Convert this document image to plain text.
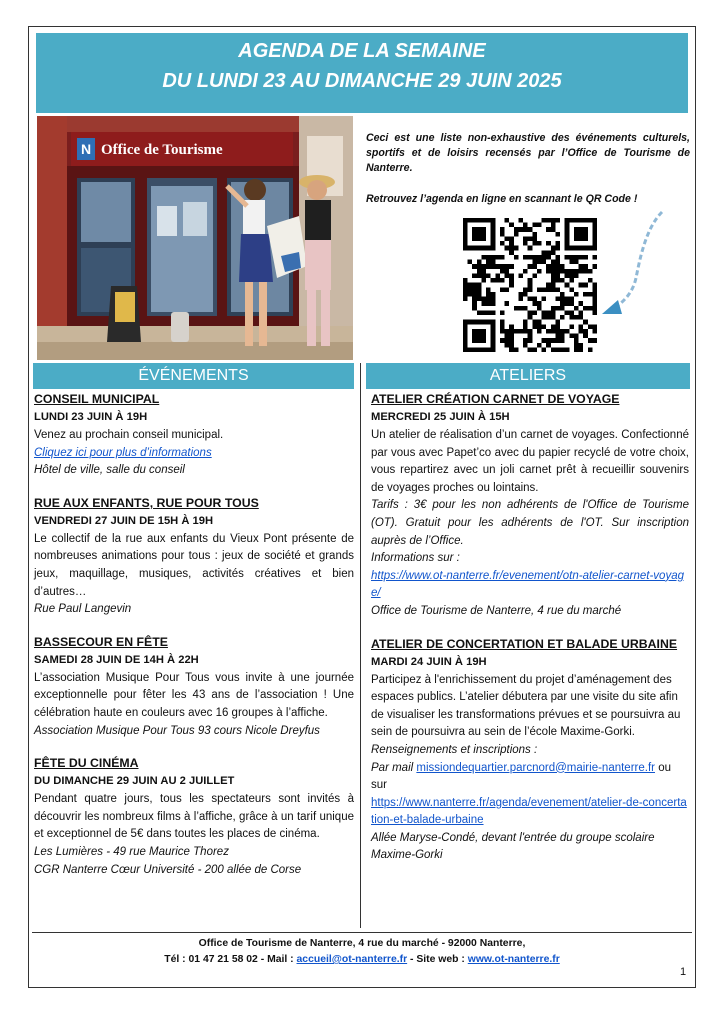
AGENDA DE LA SEMAINE
DU LUNDI 23 AU DIMANCHE 29 JUIN 2025
N Office de Tourisme

Ceci est une liste non-exhaustive des événements culturels, sportifs et de loisirs recensés par l’Office de Tourisme de Nanterre.

Retrouvez l’agenda en ligne en scannant le QR Code !

ÉVÉNEMENTS	ATELIERS
CONSEIL MUNICIPAL
LUNDI 23 JUIN À 19H
Venez au prochain conseil municipal.
Cliquez ici pour plus d’informations
Hôtel de ville, salle du conseil
RUE AUX ENFANTS, RUE POUR TOUS
VENDREDI 27 JUIN DE 15H À 19H
Le collectif de la rue aux enfants du Vieux Pont présente de nombreuses animations pour tous : jeux de société et grands jeux, maquillage, musiques, activités créatives et bien d’autres…
Rue Paul Langevin
BASSECOUR EN FÊTE
SAMEDI 28 JUIN DE 14H À 22H
L’association Musique Pour Tous vous invite à une journée exceptionnelle pour fêter les 43 ans de l’association ! Une célébration haute en couleurs avec 16 groupes à l’affiche.
Association Musique Pour Tous 93 cours Nicole Dreyfus
FÊTE DU CINÉMA
DU DIMANCHE 29 JUIN AU 2 JUILLET
Pendant quatre jours, tous les spectateurs sont invités à découvrir les nombreux films à l’affiche, grâce à un tarif unique et exceptionnel de 5€ dans toutes les places de cinéma.
Les Lumières - 49 rue Maurice Thorez
CGR Nanterre Cœur Université - 200 allée de Corse
ATELIER CRÉATION CARNET DE VOYAGE
MERCREDI 25 JUIN À 15H
Un atelier de réalisation d’un carnet de voyages. Confectionné par vous avec Papet’co avec du papier recyclé de votre choix, vous repartirez avec un joli carnet prêt à recueillir souvenirs de voyages proches ou lointains.
Tarifs : 3€ pour les non adhérents de l'Office de Tourisme (OT). Gratuit pour les adhérents de l'OT. Sur inscription auprès de l’Office.
Informations sur :
https://www.ot-nanterre.fr/evenement/otn-atelier-carnet-voyage/
Office de Tourisme de Nanterre, 4 rue du marché
ATELIER DE CONCERTATION ET BALADE URBAINE
MARDI 24 JUIN À 19H
Participez à l'enrichissement du projet d’aménagement des espaces publics. L’atelier débutera par une visite du site afin de visualiser les transformations prévues et se poursuivra au sein de poursuivra au sein de l’école Maxime-Gorki.
Renseignements et inscriptions :
Par mail missiondequartier.parcnord@mairie-nanterre.fr ou sur
https://www.nanterre.fr/agenda/evenement/atelier-de-concertation-et-balade-urbaine
Allée Maryse-Condé, devant l'entrée du groupe scolaire Maxime-Gorki
Office de Tourisme de Nanterre, 4 rue du marché - 92000 Nanterre,
Tél : 01 47 21 58 02 - Mail : accueil@ot-nanterre.fr - Site web : www.ot-nanterre.fr
1
